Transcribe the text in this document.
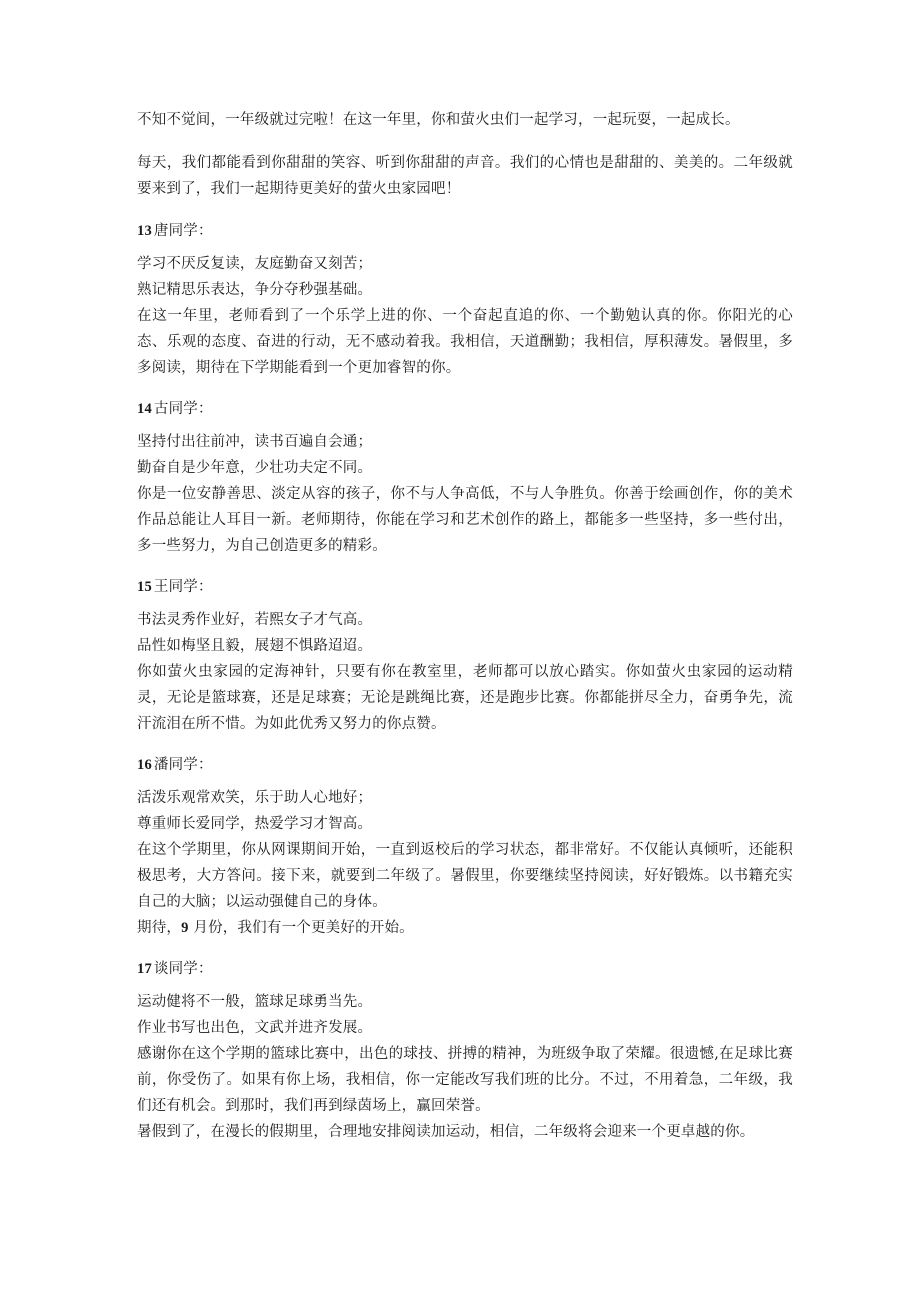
不知不觉间，一年级就过完啦！在这一年里，你和萤火虫们一起学习，一起玩耍，一起成长。

每天，我们都能看到你甜甜的笑容、听到你甜甜的声音。我们的心情也是甜甜的、美美的。二年级就要来到了，我们一起期待更美好的萤火虫家园吧！

13 唐同学：

学习不厌反复读，友庭勤奋又刻苦；

熟记精思乐表达，争分夺秒强基础。

在这一年里，老师看到了一个乐学上进的你、一个奋起直追的你、一个勤勉认真的你。你阳光的心态、乐观的态度、奋进的行动，无不感动着我。我相信，天道酬勤；我相信，厚积薄发。暑假里，多多阅读，期待在下学期能看到一个更加睿智的你。

14 古同学：

坚持付出往前冲，读书百遍自会通；

勤奋自是少年意，少壮功夫定不同。

你是一位安静善思、淡定从容的孩子，你不与人争高低，不与人争胜负。你善于绘画创作，你的美术作品总能让人耳目一新。老师期待，你能在学习和艺术创作的路上，都能多一些坚持，多一些付出，多一些努力，为自己创造更多的精彩。

15 王同学：

书法灵秀作业好，若熙女子才气高。

品性如梅坚且毅，展翅不惧路迢迢。

你如萤火虫家园的定海神针，只要有你在教室里，老师都可以放心踏实。你如萤火虫家园的运动精灵，无论是篮球赛，还是足球赛；无论是跳绳比赛，还是跑步比赛。你都能拼尽全力，奋勇争先，流汗流泪在所不惜。为如此优秀又努力的你点赞。

16 潘同学：

活泼乐观常欢笑，乐于助人心地好；

尊重师长爱同学，热爱学习才智高。

在这个学期里，你从网课期间开始，一直到返校后的学习状态，都非常好。不仅能认真倾听，还能积极思考，大方答问。接下来，就要到二年级了。暑假里，你要继续坚持阅读，好好锻炼。以书籍充实自己的大脑；以运动强健自己的身体。

期待，9 月份，我们有一个更美好的开始。

17 谈同学：

运动健将不一般，篮球足球勇当先。

作业书写也出色，文武并进齐发展。

感谢你在这个学期的篮球比赛中，出色的球技、拼搏的精神，为班级争取了荣耀。很遗憾,在足球比赛前，你受伤了。如果有你上场，我相信，你一定能改写我们班的比分。不过，不用着急，二年级，我们还有机会。到那时，我们再到绿茵场上，赢回荣誉。

暑假到了，在漫长的假期里，合理地安排阅读加运动，相信，二年级将会迎来一个更卓越的你。
